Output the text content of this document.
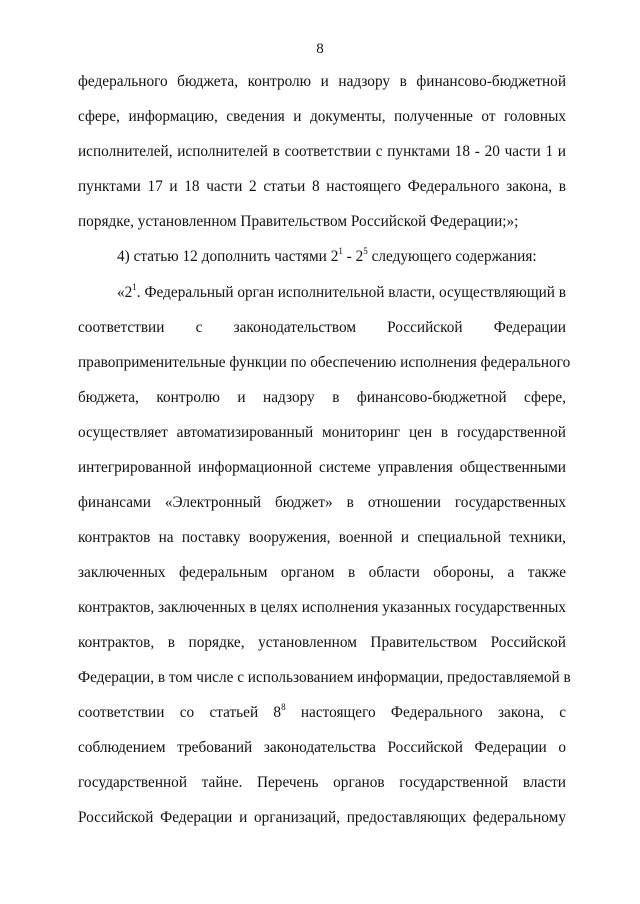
8
федерального бюджета, контролю и надзору в финансово-бюджетной
сфере, информацию, сведения и документы, полученные от головных
исполнителей, исполнителей в соответствии с пунктами 18 - 20 части 1 и
пунктами 17 и 18 части 2 статьи 8 настоящего Федерального закона, в
порядке, установленном Правительством Российской Федерации;»;
4) статью 12 дополнить частями $2^1 - 2^5$ следующего содержания:
«$2^1$. Федеральный орган исполнительной власти, осуществляющий в
соответствии с законодательством Российской Федерации
правоприменительные функции по обеспечению исполнения федерального
бюджета, контролю и надзору в финансово-бюджетной сфере,
осуществляет автоматизированный мониторинг цен в государственной
интегрированной информационной системе управления общественными
финансами «Электронный бюджет» в отношении государственных
контрактов на поставку вооружения, военной и специальной техники,
заключенных федеральным органом в области обороны, а также
контрактов, заключенных в целях исполнения указанных государственных
контрактов, в порядке, установленном Правительством Российской
Федерации, в том числе с использованием информации, предоставляемой в
соответствии со статьей $8^8$ настоящего Федерального закона, с
соблюдением требований законодательства Российской Федерации о
государственной тайне. Перечень органов государственной власти
Российской Федерации и организаций, предоставляющих федеральному
